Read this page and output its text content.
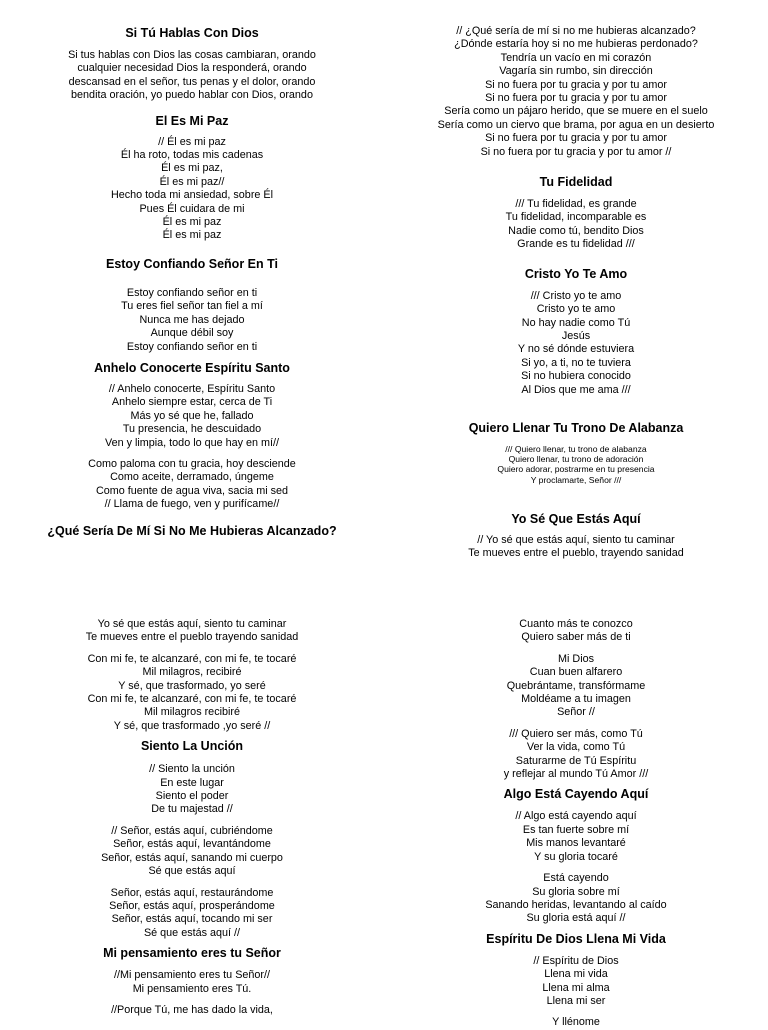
Si Tú Hablas Con Dios
Si tus hablas con Dios las cosas cambiaran, orando
cualquier necesidad Dios la responderá, orando
descansad en el señor, tus penas y el dolor, orando
bendita oración, yo puedo hablar con Dios, orando
El Es Mi Paz
// Él es mi paz
Él ha roto, todas mis cadenas
Él es mi paz,
Él es mi paz//
Hecho toda mi ansiedad, sobre Él
Pues Él cuidara de mi
Él es mi paz
Él es mi paz
Estoy Confiando Señor En Ti
Estoy confiando señor en ti
Tu eres fiel señor tan fiel a mí
Nunca me has dejado
Aunque débil soy
Estoy confiando señor en ti
Anhelo Conocerte Espíritu Santo
// Anhelo conocerte, Espíritu Santo
Anhelo siempre estar, cerca de Ti
Más yo sé que he, fallado
Tu presencia, he descuidado
Ven y limpia, todo lo que hay en mí//
Como paloma con tu gracia, hoy desciende
Como aceite, derramado, úngeme
Como fuente de agua viva, sacia mi sed
// Llama de fuego, ven y purifícame//
¿Qué Sería De Mí Si No Me Hubieras Alcanzado?
// ¿Qué sería de mí si no me hubieras alcanzado?
¿Dónde estaría hoy si no me hubieras perdonado?
Tendría un vacío en mi corazón
Vagaría sin rumbo, sin dirección
Si no fuera por tu gracia y por tu amor
Si no fuera por tu gracia y por tu amor
Sería como un pájaro herido, que se muere en el suelo
Sería como un ciervo que brama, por agua en un desierto
Si no fuera por tu gracia y por tu amor
Si no fuera por tu gracia y por tu amor //
Tu Fidelidad
/// Tu fidelidad, es grande
Tu fidelidad, incomparable es
Nadie como tú, bendito Dios
Grande es tu fidelidad ///
Cristo Yo Te Amo
/// Cristo yo te amo
Cristo yo te amo
No hay nadie como Tú
Jesús
Y no sé dónde estuviera
Si yo, a ti, no te tuviera
Si no hubiera conocido
Al Dios que me ama ///
Quiero Llenar Tu Trono De Alabanza
/// Quiero llenar, tu trono de alabanza
Quiero llenar, tu trono de adoración
Quiero adorar, postrarme en tu presencia
Y proclamarte, Señor ///
Yo Sé Que Estás Aquí
// Yo sé que estás aquí, siento tu caminar
Te mueves entre el pueblo, trayendo sanidad
Yo sé que estás aquí, siento tu caminar
Te mueves entre el pueblo trayendo sanidad
Con mi fe, te alcanzaré, con mi fe, te tocaré
Mil milagros, recibiré
Y sé, que trasformado, yo seré
Con mi fe, te alcanzaré, con mi fe, te tocaré
Mil milagros recibiré
Y sé, que trasformado ,yo seré //
Siento La Unción
// Siento la unción
En este lugar
Siento el poder
De tu majestad //
// Señor, estás aquí, cubriéndome
Señor, estás aquí, levantándome
Señor, estás aquí, sanando mi cuerpo
Sé que estás aquí
Señor, estás aquí, restaurándome
Señor, estás aquí, prosperándome
Señor, estás aquí, tocando mi ser
Sé que estás aquí //
Mi pensamiento eres tu Señor
//Mi pensamiento eres tu Señor//
Mi pensamiento eres Tú.
//Porque Tú, me has dado la vida,
Cuanto más te conozco
Quiero saber más de ti
Mi Dios
Cuan buen alfarero
Quebrántame, transfórmame
Moldéame a tu imagen
Señor //
/// Quiero ser más, como Tú
Ver la vida, como Tú
Saturarme de Tú Espíritu
y reflejar al mundo Tú Amor ///
Algo Está Cayendo Aquí
// Algo está cayendo aquí
Es tan fuerte sobre mí
Mis manos levantaré
Y su gloria tocaré
Está cayendo
Su gloria sobre mí
Sanando heridas, levantando al caído
Su gloria está aquí //
Espíritu De Dios Llena Mi Vida
// Espíritu de Dios
Llena mi vida
Llena mi alma
Llena mi ser
Y llénome
